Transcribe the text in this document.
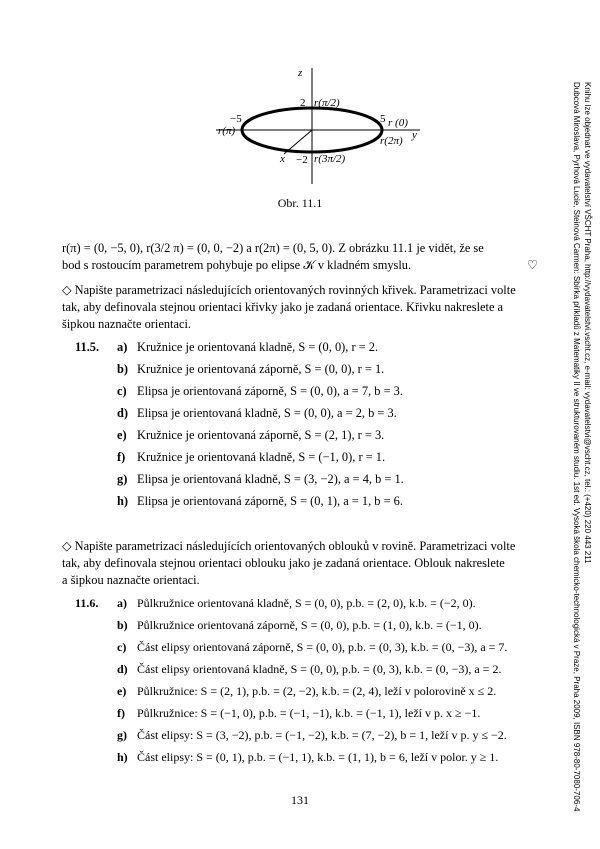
z
y
x
2
−5	5
−2
r(π/2)
r (0)
r(π)
r(2π)
r(3π/2)
Obr. 11.1
r(π) = (0, −5, 0), r(3/2 π) = (0, 0, −2) a r(2π) = (0, 5, 0). Z obrázku 11.1 je vidět, že se
bod s rostoucím parametrem pohybuje po elipse 𝒦 v kladném smyslu.	♡
◇ Napište parametrizaci následujících orientovaných rovinných křivek. Parametrizaci volte
tak, aby definovala stejnou orientaci křivky jako je zadaná orientace. Křivku nakreslete a
šipkou naznačte orientaci.
11.5. a) Kružnice je orientovaná kladně, S = (0, 0), r = 2.
b) Kružnice je orientovaná záporně, S = (0, 0), r = 1.
c) Elipsa je orientovaná záporně, S = (0, 0), a = 7, b = 3.
d) Elipsa je orientovaná kladně, S = (0, 0), a = 2, b = 3.
e) Kružnice je orientovaná záporně, S = (2, 1), r = 3.
f) Kružnice je orientovaná kladně, S = (−1, 0), r = 1.
g) Elipsa je orientovaná kladně, S = (3, −2), a = 4, b = 1.
h) Elipsa je orientovaná záporně, S = (0, 1), a = 1, b = 6.
◇ Napište parametrizaci následujících orientovaných oblouků v rovině. Parametrizaci volte
tak, aby definovala stejnou orientaci oblouku jako je zadaná orientace. Oblouk nakreslete
a šipkou naznačte orientaci.
11.6. a) Půlkružnice orientovaná kladně, S = (0, 0), p.b. = (2, 0), k.b. = (−2, 0).
b) Půlkružnice orientovaná záporně, S = (0, 0), p.b. = (1, 0), k.b. = (−1, 0).
c) Část elipsy orientovaná záporně, S = (0, 0), p.b. = (0, 3), k.b. = (0, −3), a = 7.
d) Část elipsy orientovaná kladně, S = (0, 0), p.b. = (0, 3), k.b. = (0, −3), a = 2.
e) Půlkružnice: S = (2, 1), p.b. = (2, −2), k.b. = (2, 4), leží v polorovině x ≤ 2.
f) Půlkružnice: S = (−1, 0), p.b. = (−1, −1), k.b. = (−1, 1), leží v p. x ≥ −1.
g) Část elipsy: S = (3, −2), p.b. = (−1, −2), k.b. = (7, −2), b = 1, leží v p. y ≤ −2.
h) Část elipsy: S = (0, 1), p.b. = (−1, 1), k.b. = (1, 1), b = 6, leží v polor. y ≥ 1.
131	Dubcová Miroslava, Pyrhová Lucie, Steinová Carmen: Sbírka příkladů z Matematiky II ve strukturovaném studiu. 1st ed. Vysoká škola chemicko-technologická v Praze, Praha 2009, ISBN 978-80-7080-706-4 Knihu lze objednat ve vydavatelství VŠCHT Praha, http://vydavatelstvi.vscht.cz, e-mail: vydavatelstvi@vscht.cz, tel.: (+420) 220 443 211
